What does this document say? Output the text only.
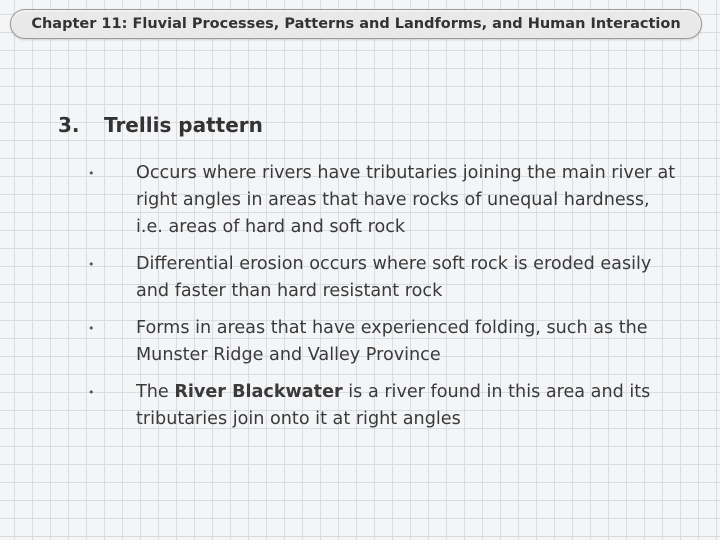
Chapter 11: Fluvial Processes, Patterns and Landforms, and Human Interaction
3.	Trellis pattern
•	Occurs where rivers have tributaries joining the main river at right angles in areas that have rocks of unequal hardness, i.e. areas of hard and soft rock
•	Differential erosion occurs where soft rock is eroded easily and faster than hard resistant rock
•	Forms in areas that have experienced folding, such as the Munster Ridge and Valley Province
•	The River Blackwater is a river found in this area and its tributaries join onto it at right angles
